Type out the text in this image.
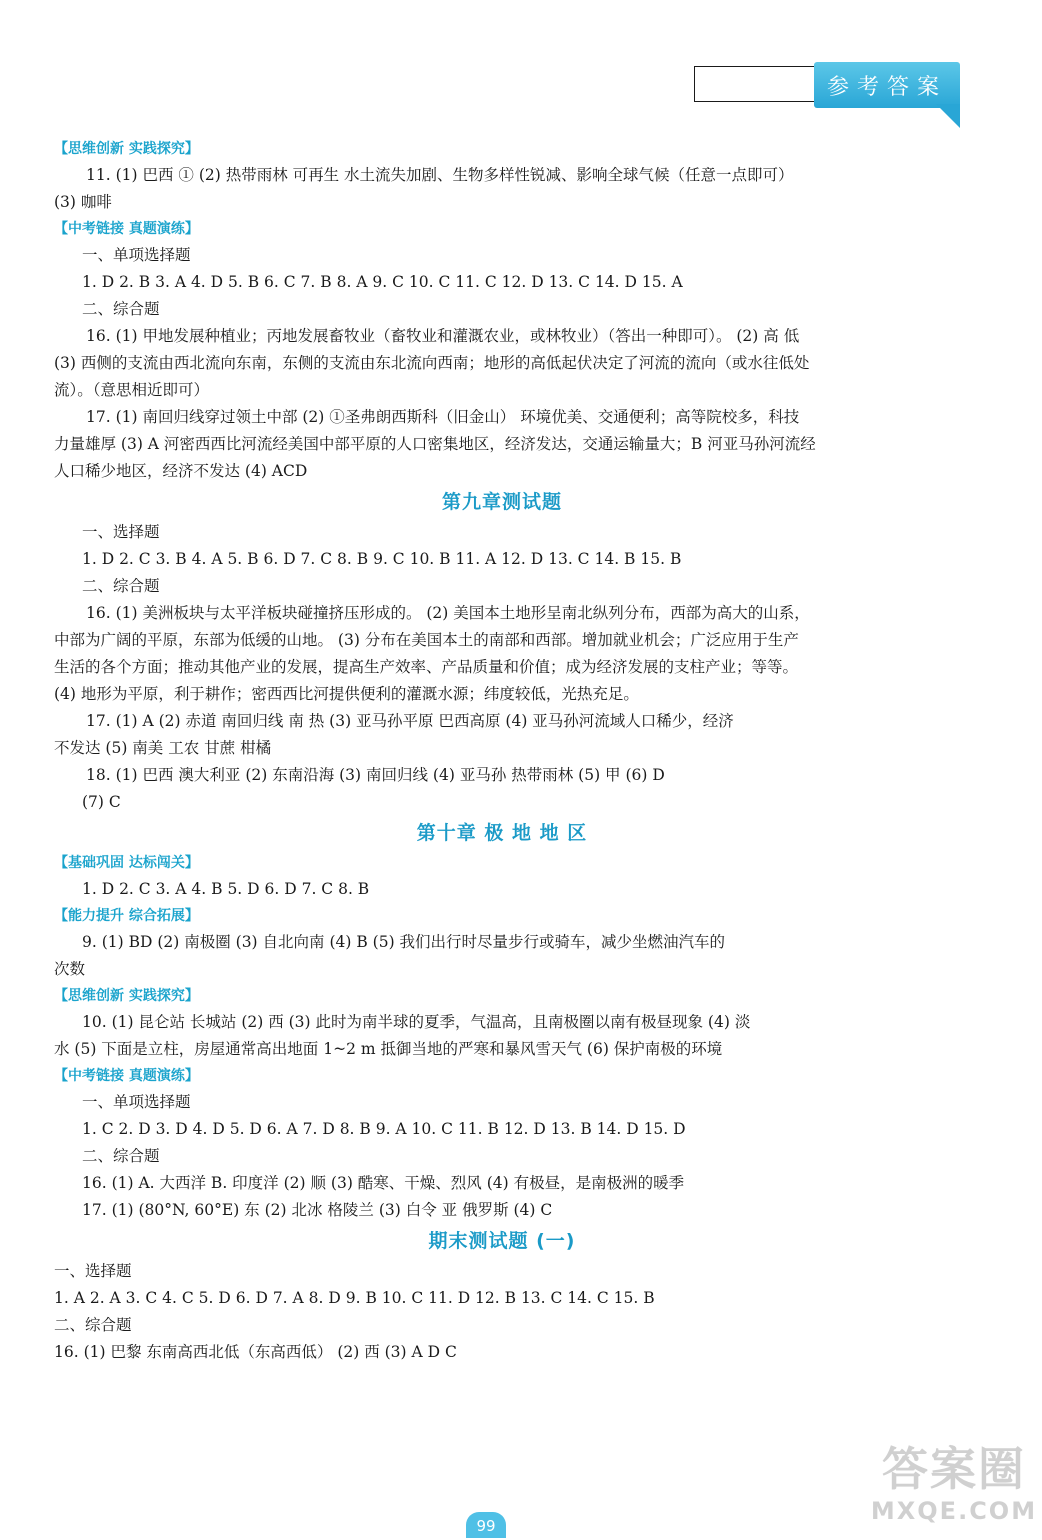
参考答案
【思维创新 实践探究】
11. (1) 巴西 ① (2) 热带雨林 可再生 水土流失加剧、生物多样性锐减、影响全球气候（任意一点即可）
(3) 咖啡
【中考链接 真题演练】
一、单项选择题
1. D 2. B 3. A 4. D 5. B 6. C 7. B 8. A 9. C 10. C 11. C 12. D 13. C 14. D 15. A
二、综合题
16. (1) 甲地发展种植业；丙地发展畜牧业（畜牧业和灌溉农业，或林牧业）（答出一种即可）。 (2) 高 低
(3) 西侧的支流由西北流向东南，东侧的支流由东北流向西南；地形的高低起伏决定了河流的流向（或水往低处
流）。（意思相近即可）
17. (1) 南回归线穿过领土中部 (2) ①圣弗朗西斯科（旧金山） 环境优美、交通便利；高等院校多，科技
力量雄厚 (3) A 河密西西比河流经美国中部平原的人口密集地区，经济发达，交通运输量大；B 河亚马孙河流经
人口稀少地区，经济不发达 (4) ACD
第九章测试题
一、选择题
1. D 2. C 3. B 4. A 5. B 6. D 7. C 8. B 9. C 10. B 11. A 12. D 13. C 14. B 15. B
二、综合题
16. (1) 美洲板块与太平洋板块碰撞挤压形成的。 (2) 美国本土地形呈南北纵列分布，西部为高大的山系，
中部为广阔的平原，东部为低缓的山地。 (3) 分布在美国本土的南部和西部。增加就业机会；广泛应用于生产
生活的各个方面；推动其他产业的发展，提高生产效率、产品质量和价值；成为经济发展的支柱产业；等等。
(4) 地形为平原，利于耕作；密西西比河提供便利的灌溉水源；纬度较低，光热充足。
17. (1) A (2) 赤道 南回归线 南 热 (3) 亚马孙平原 巴西高原 (4) 亚马孙河流域人口稀少，经济
不发达 (5) 南美 工农 甘蔗 柑橘
18. (1) 巴西 澳大利亚 (2) 东南沿海 (3) 南回归线 (4) 亚马孙 热带雨林 (5) 甲 (6) D
(7) C
第十章 极 地 地 区
【基础巩固 达标闯关】
1. D 2. C 3. A 4. B 5. D 6. D 7. C 8. B
【能力提升 综合拓展】
9. (1) BD (2) 南极圈 (3) 自北向南 (4) B (5) 我们出行时尽量步行或骑车，减少坐燃油汽车的
次数
【思维创新 实践探究】
10. (1) 昆仑站 长城站 (2) 西 (3) 此时为南半球的夏季，气温高，且南极圈以南有极昼现象 (4) 淡
水 (5) 下面是立柱，房屋通常高出地面 1~2 m 抵御当地的严寒和暴风雪天气 (6) 保护南极的环境
【中考链接 真题演练】
一、单项选择题
1. C 2. D 3. D 4. D 5. D 6. A 7. D 8. B 9. A 10. C 11. B 12. D 13. B 14. D 15. D
二、综合题
16. (1) A. 大西洋 B. 印度洋 (2) 顺 (3) 酷寒、干燥、烈风 (4) 有极昼，是南极洲的暖季
17. (1) (80°N, 60°E) 东 (2) 北冰 格陵兰 (3) 白令 亚 俄罗斯 (4) C
期末测试题 (一)
一、选择题
1. A 2. A 3. C 4. C 5. D 6. D 7. A 8. D 9. B 10. C 11. D 12. B 13. C 14. C 15. B
二、综合题
16. (1) 巴黎 东南高西北低（东高西低） (2) 西 (3) A D C
99
答案圈
MXQE.COM
